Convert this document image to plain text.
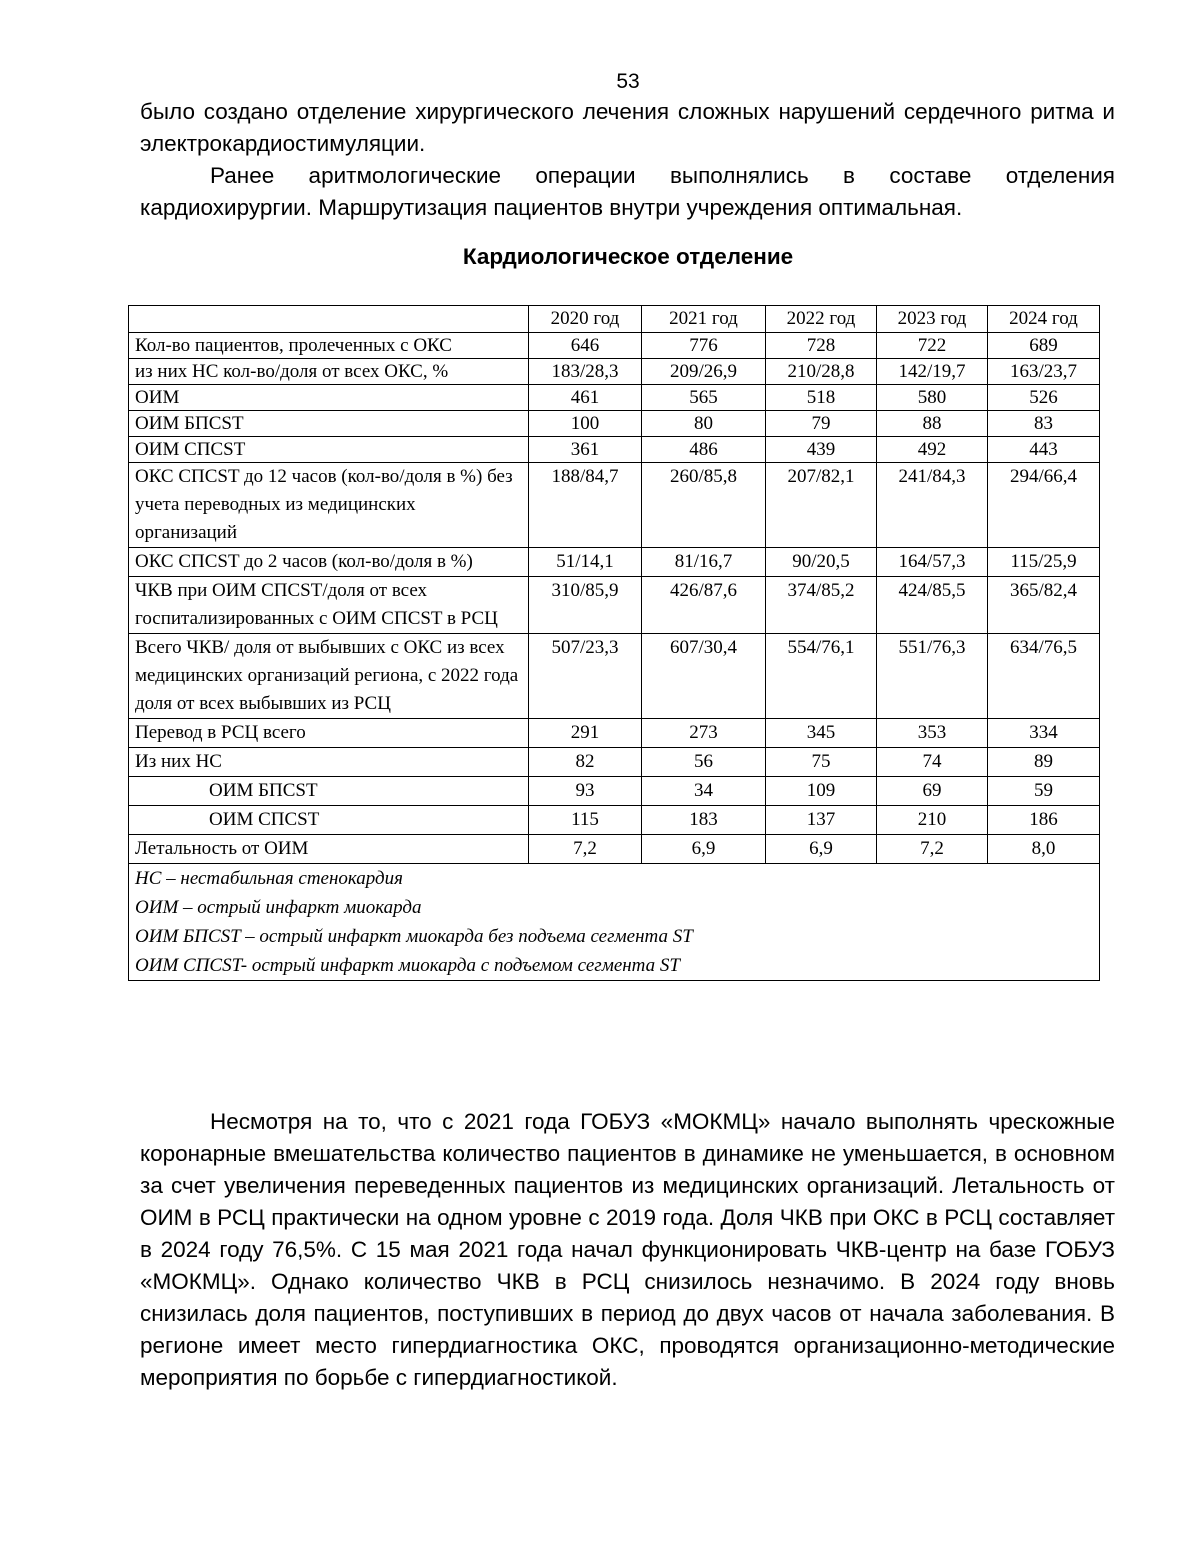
53

было создано отделение хирургического лечения сложных нарушений сердечного ритма и электрокардиостимуляции.

Ранее аритмологические операции выполнялись в составе отделения кардиохирургии. Маршрутизация пациентов внутри учреждения оптимальная.

Кардиологическое отделение
	2020 год	2021 год	2022 год	2023 год	2024 год
Кол-во пациентов, пролеченных с ОКС	646	776	728	722	689
из них НС кол-во/доля от всех ОКС, %	183/28,3	209/26,9	210/28,8	142/19,7	163/23,7
ОИМ	461	565	518	580	526
ОИМ БПСST	100	80	79	88	83
ОИМ СПСST	361	486	439	492	443
ОКС СПСST до 12 часов (кол-во/доля в %) без учета переводных из медицинских организаций	188/84,7	260/85,8	207/82,1	241/84,3	294/66,4
ОКС СПСST до 2 часов (кол-во/доля в %)	51/14,1	81/16,7	90/20,5	164/57,3	115/25,9
ЧКВ при ОИМ СПСST/доля от всех госпитализированных с ОИМ СПСST в РСЦ	310/85,9	426/87,6	374/85,2	424/85,5	365/82,4
Всего ЧКВ/ доля от выбывших с ОКС из всех медицинских организаций региона, с 2022 года доля от всех выбывших из РСЦ	507/23,3	607/30,4	554/76,1	551/76,3	634/76,5
Перевод в РСЦ всего	291	273	345	353	334
Из них НС	82	56	75	74	89
ОИМ БПСST	93	34	109	69	59
ОИМ СПСST	115	183	137	210	186
Летальность от ОИМ	7,2	6,9	6,9	7,2	8,0

НС – нестабильная стенокардия
ОИМ – острый инфаркт миокарда
ОИМ БПСST – острый инфаркт миокарда без подъема сегмента ST
ОИМ СПСST- острый инфаркт миокарда с подъемом сегмента ST					

Несмотря на то, что с 2021 года ГОБУЗ «МОКМЦ» начало выполнять чрескожные коронарные вмешательства количество пациентов в динамике не уменьшается, в основном за счет увеличения переведенных пациентов из медицинских организаций. Летальность от ОИМ в РСЦ практически на одном уровне с 2019 года. Доля ЧКВ при ОКС в РСЦ составляет в 2024 году 76,5%. С 15 мая 2021 года начал функционировать ЧКВ-центр на базе ГОБУЗ «МОКМЦ». Однако количество ЧКВ в РСЦ снизилось незначимо. В 2024 году вновь снизилась доля пациентов, поступивших в период до двух часов от начала заболевания. В регионе имеет место гипердиагностика ОКС, проводятся организационно-методические мероприятия по борьбе с гипердиагностикой.
